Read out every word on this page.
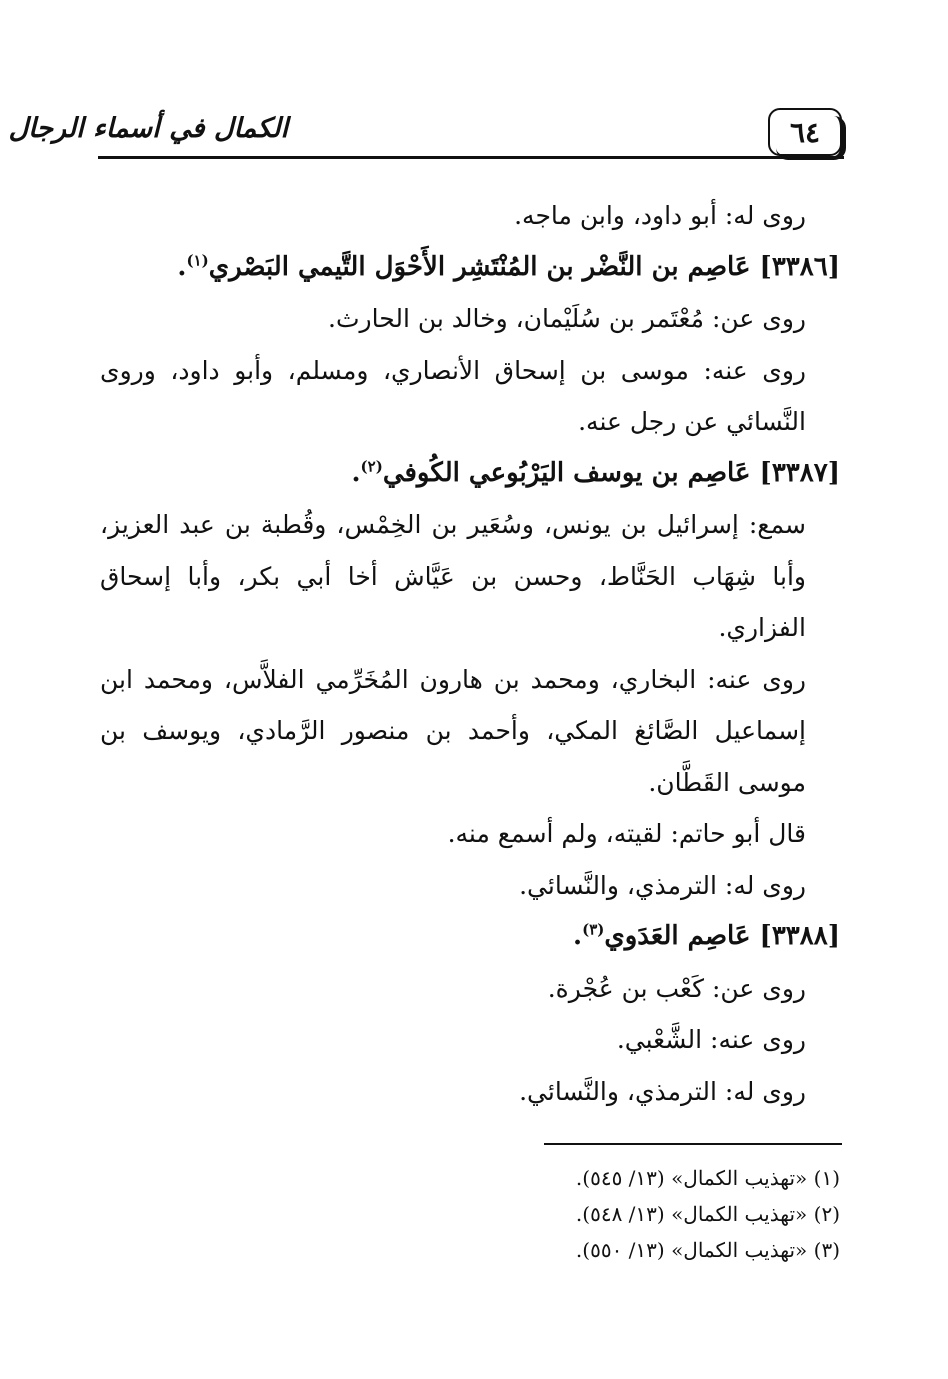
٦٤
الكمال في أسماء الرجال

روى له: أبو داود، وابن ماجه.

[٣٣٨٦] عَاصِم بن النَّضْر بن المُنْتَشِر الأَحْوَل التَّيمي البَصْري$^{(١)}$.

روى عن: مُعْتَمر بن سُلَيْمان، وخالد بن الحارث.

روى عنه: موسى بن إسحاق الأنصاري، ومسلم، وأبو داود، وروى النَّسائي عن رجل عنه.

[٣٣٨٧] عَاصِم بن يوسف اليَرْبُوعي الكُوفي$^{(٢)}$.

سمع: إسرائيل بن يونس، وسُعَير بن الخِمْس، وقُطبة بن عبد العزيز، وأبا شِهَاب الحَنَّاط، وحسن بن عَيَّاش أخا أبي بكر، وأبا إسحاق الفزاري.

روى عنه: البخاري، ومحمد بن هارون المُخَرِّمي الفلاَّس، ومحمد ابن إسماعيل الصَّائغ المكي، وأحمد بن منصور الرَّمادي، ويوسف بن موسى القَطَّان.

قال أبو حاتم: لقيته، ولم أسمع منه.

روى له: الترمذي، والنَّسائي.

[٣٣٨٨] عَاصِم العَدَوي$^{(٣)}$.

روى عن: كَعْب بن عُجْرة.

روى عنه: الشَّعْبي.

روى له: الترمذي، والنَّسائي.

(١) «تهذيب الكمال» (١٣/ ٥٤٥).

(٢) «تهذيب الكمال» (١٣/ ٥٤٨).

(٣) «تهذيب الكمال» (١٣/ ٥٥٠).
